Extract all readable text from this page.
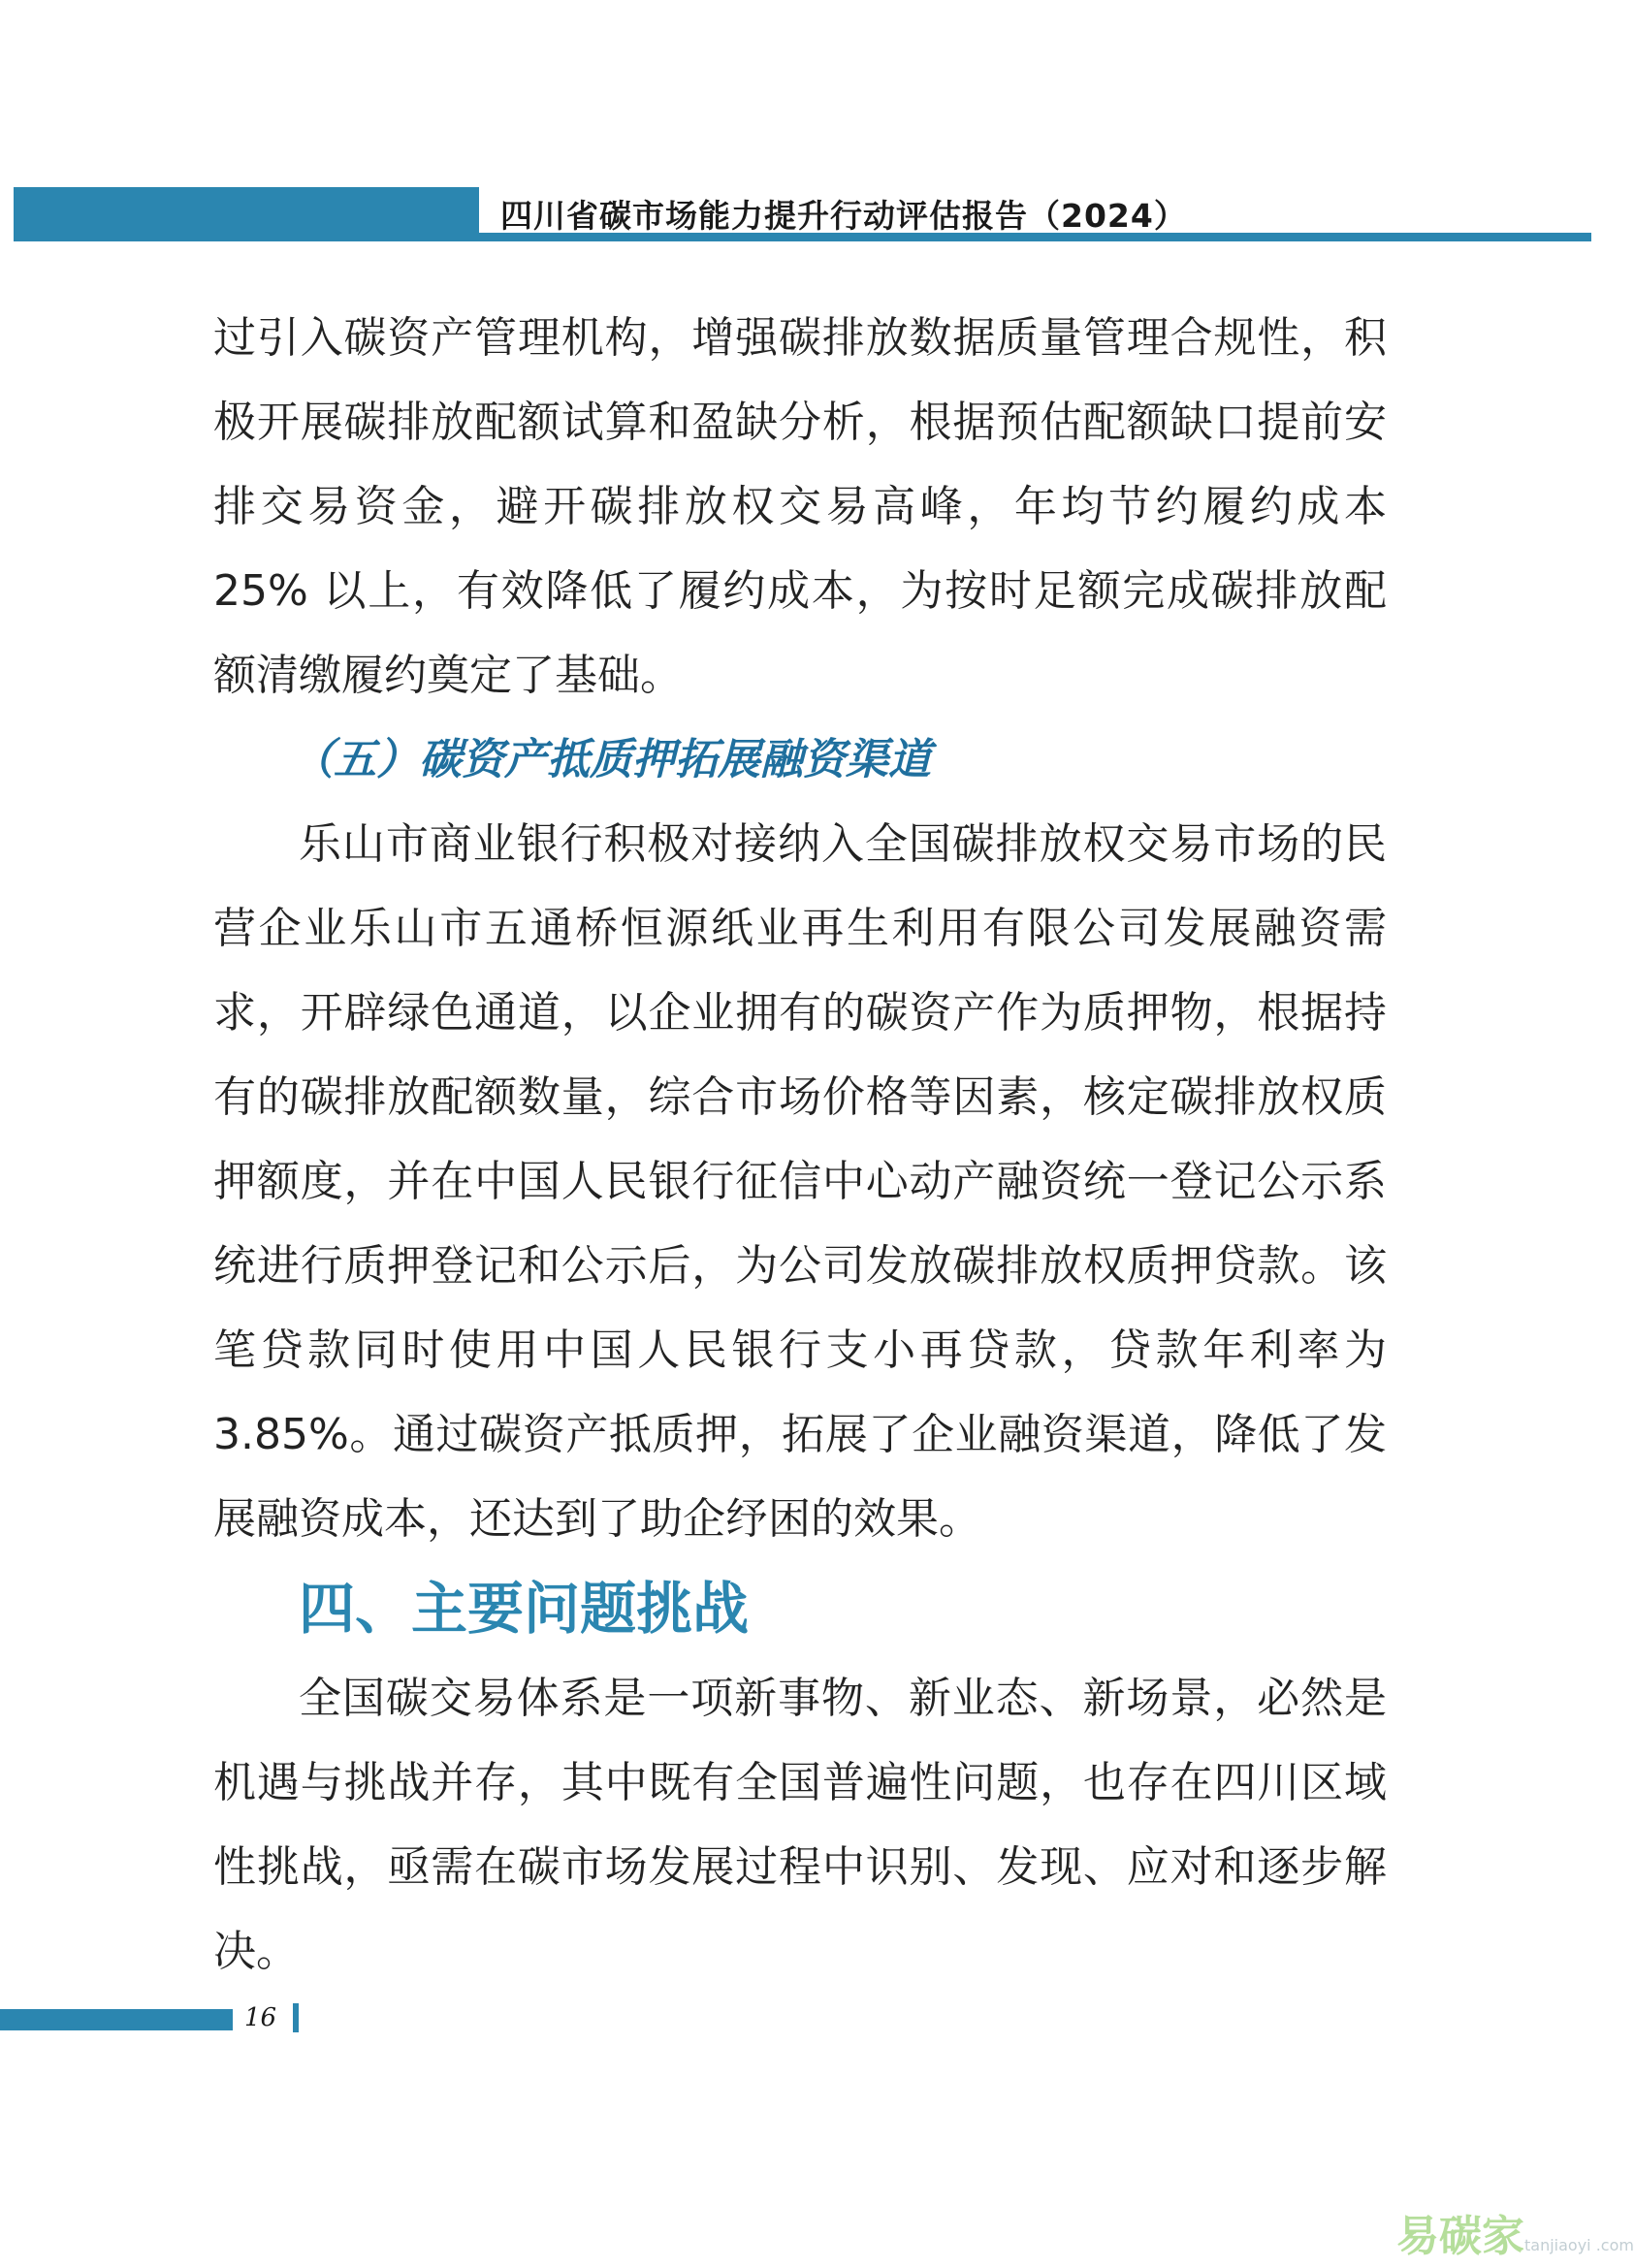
四川省碳市场能力提升行动评估报告（2024）

过引入碳资产管理机构，增强碳排放数据质量管理合规性，积极开展碳排放配额试算和盈缺分析，根据预估配额缺口提前安排交易资金，避开碳排放权交易高峰，年均节约履约成本 25% 以上，有效降低了履约成本，为按时足额完成碳排放配额清缴履约奠定了基础。

（五）碳资产抵质押拓展融资渠道

乐山市商业银行积极对接纳入全国碳排放权交易市场的民营企业乐山市五通桥恒源纸业再生利用有限公司发展融资需求，开辟绿色通道，以企业拥有的碳资产作为质押物，根据持有的碳排放配额数量，综合市场价格等因素，核定碳排放权质押额度，并在中国人民银行征信中心动产融资统一登记公示系统进行质押登记和公示后，为公司发放碳排放权质押贷款。该笔贷款同时使用中国人民银行支小再贷款，贷款年利率为 3.85%。通过碳资产抵质押，拓展了企业融资渠道，降低了发展融资成本，还达到了助企纾困的效果。

四、主要问题挑战

全国碳交易体系是一项新事物、新业态、新场景，必然是机遇与挑战并存，其中既有全国普遍性问题，也存在四川区域性挑战，亟需在碳市场发展过程中识别、发现、应对和逐步解决。

16
易碳家tanjiaoyi .com
